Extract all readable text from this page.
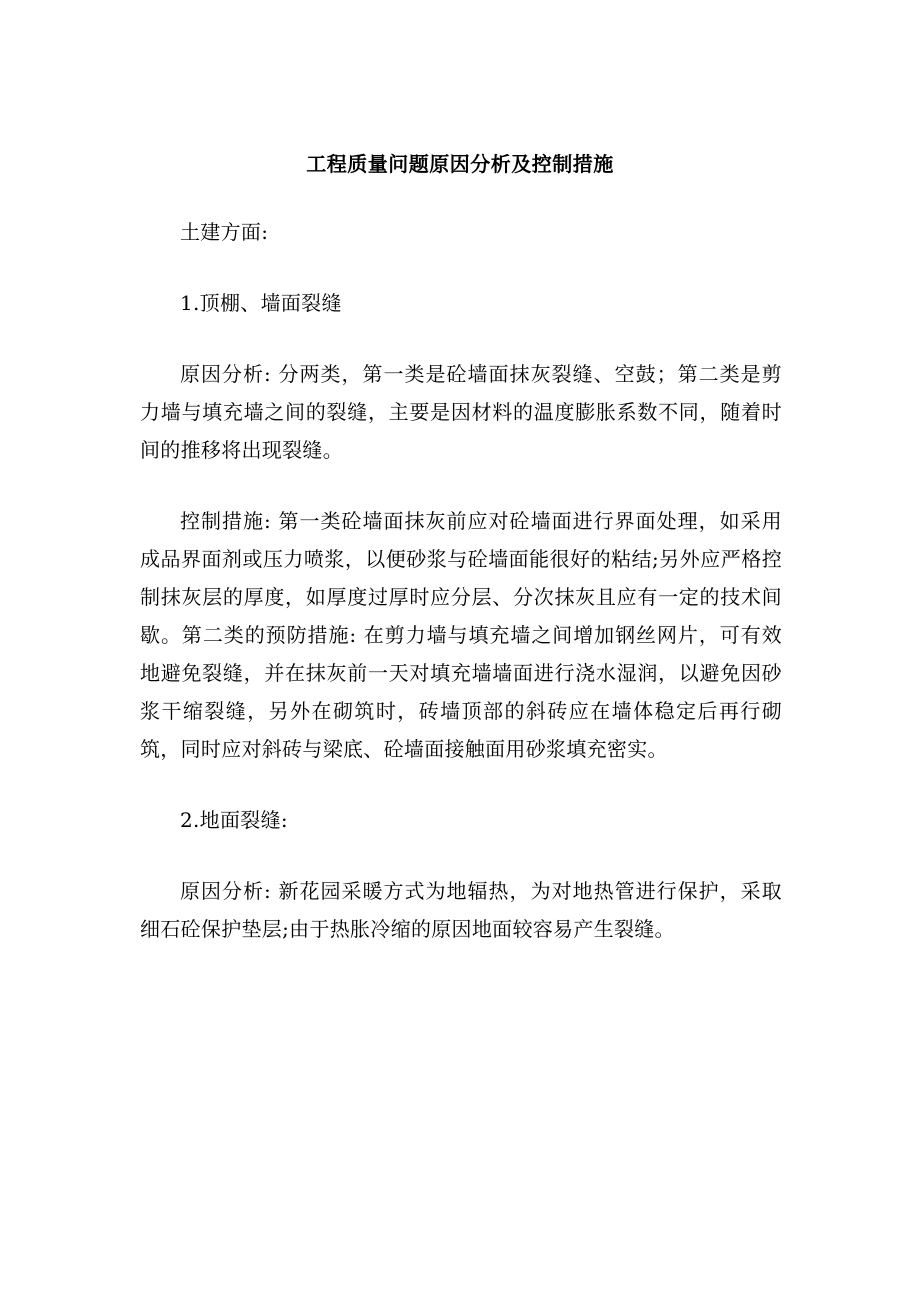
工程质量问题原因分析及控制措施

土建方面:

1.顶棚、墙面裂缝

原因分析: 分两类，第一类是砼墙面抹灰裂缝、空鼓；第二类是剪力墙与填充墙之间的裂缝，主要是因材料的温度膨胀系数不同，随着时间的推移将出现裂缝。

控制措施: 第一类砼墙面抹灰前应对砼墙面进行界面处理，如采用成品界面剂或压力喷浆，以便砂浆与砼墙面能很好的粘结;另外应严格控制抹灰层的厚度，如厚度过厚时应分层、分次抹灰且应有一定的技术间歇。第二类的预防措施: 在剪力墙与填充墙之间增加钢丝网片，可有效地避免裂缝，并在抹灰前一天对填充墙墙面进行浇水湿润，以避免因砂浆干缩裂缝，另外在砌筑时，砖墙顶部的斜砖应在墙体稳定后再行砌筑，同时应对斜砖与梁底、砼墙面接触面用砂浆填充密实。

2.地面裂缝:

原因分析: 新花园采暖方式为地辐热，为对地热管进行保护，采取细石砼保护垫层;由于热胀冷缩的原因地面较容易产生裂缝。
